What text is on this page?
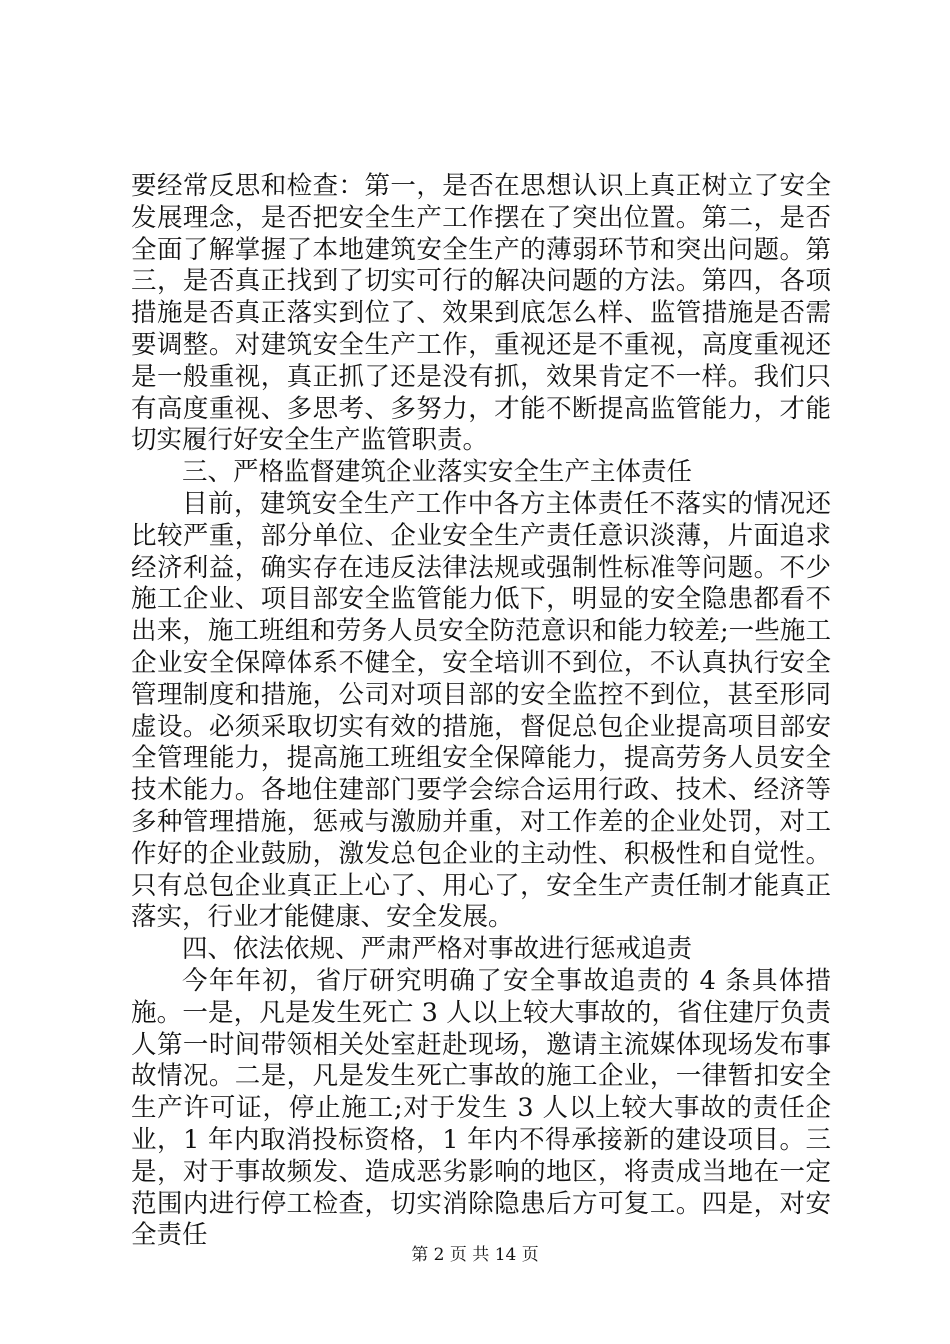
要经常反思和检查：第一，是否在思想认识上真正树立了安全发展理念，是否把安全生产工作摆在了突出位置。第二，是否全面了解掌握了本地建筑安全生产的薄弱环节和突出问题。第三，是否真正找到了切实可行的解决问题的方法。第四，各项措施是否真正落实到位了、效果到底怎么样、监管措施是否需要调整。对建筑安全生产工作，重视还是不重视，高度重视还是一般重视，真正抓了还是没有抓，效果肯定不一样。我们只有高度重视、多思考、多努力，才能不断提高监管能力，才能切实履行好安全生产监管职责。

三、严格监督建筑企业落实安全生产主体责任

目前，建筑安全生产工作中各方主体责任不落实的情况还比较严重，部分单位、企业安全生产责任意识淡薄，片面追求经济利益，确实存在违反法律法规或强制性标准等问题。不少施工企业、项目部安全监管能力低下，明显的安全隐患都看不出来，施工班组和劳务人员安全防范意识和能力较差;一些施工企业安全保障体系不健全，安全培训不到位，不认真执行安全管理制度和措施，公司对项目部的安全监控不到位，甚至形同虚设。必须采取切实有效的措施，督促总包企业提高项目部安全管理能力，提高施工班组安全保障能力，提高劳务人员安全技术能力。各地住建部门要学会综合运用行政、技术、经济等多种管理措施，惩戒与激励并重，对工作差的企业处罚，对工作好的企业鼓励，激发总包企业的主动性、积极性和自觉性。只有总包企业真正上心了、用心了，安全生产责任制才能真正落实，行业才能健康、安全发展。

四、依法依规、严肃严格对事故进行惩戒追责

今年年初，省厅研究明确了安全事故追责的 4 条具体措施。一是，凡是发生死亡 3 人以上较大事故的，省住建厅负责人第一时间带领相关处室赶赴现场，邀请主流媒体现场发布事故情况。二是，凡是发生死亡事故的施工企业，一律暂扣安全生产许可证，停止施工;对于发生 3 人以上较大事故的责任企业，1 年内取消投标资格，1 年内不得承接新的建设项目。三是，对于事故频发、造成恶劣影响的地区，将责成当地在一定范围内进行停工检查，切实消除隐患后方可复工。四是，对安全责任

第 2 页 共 14 页
